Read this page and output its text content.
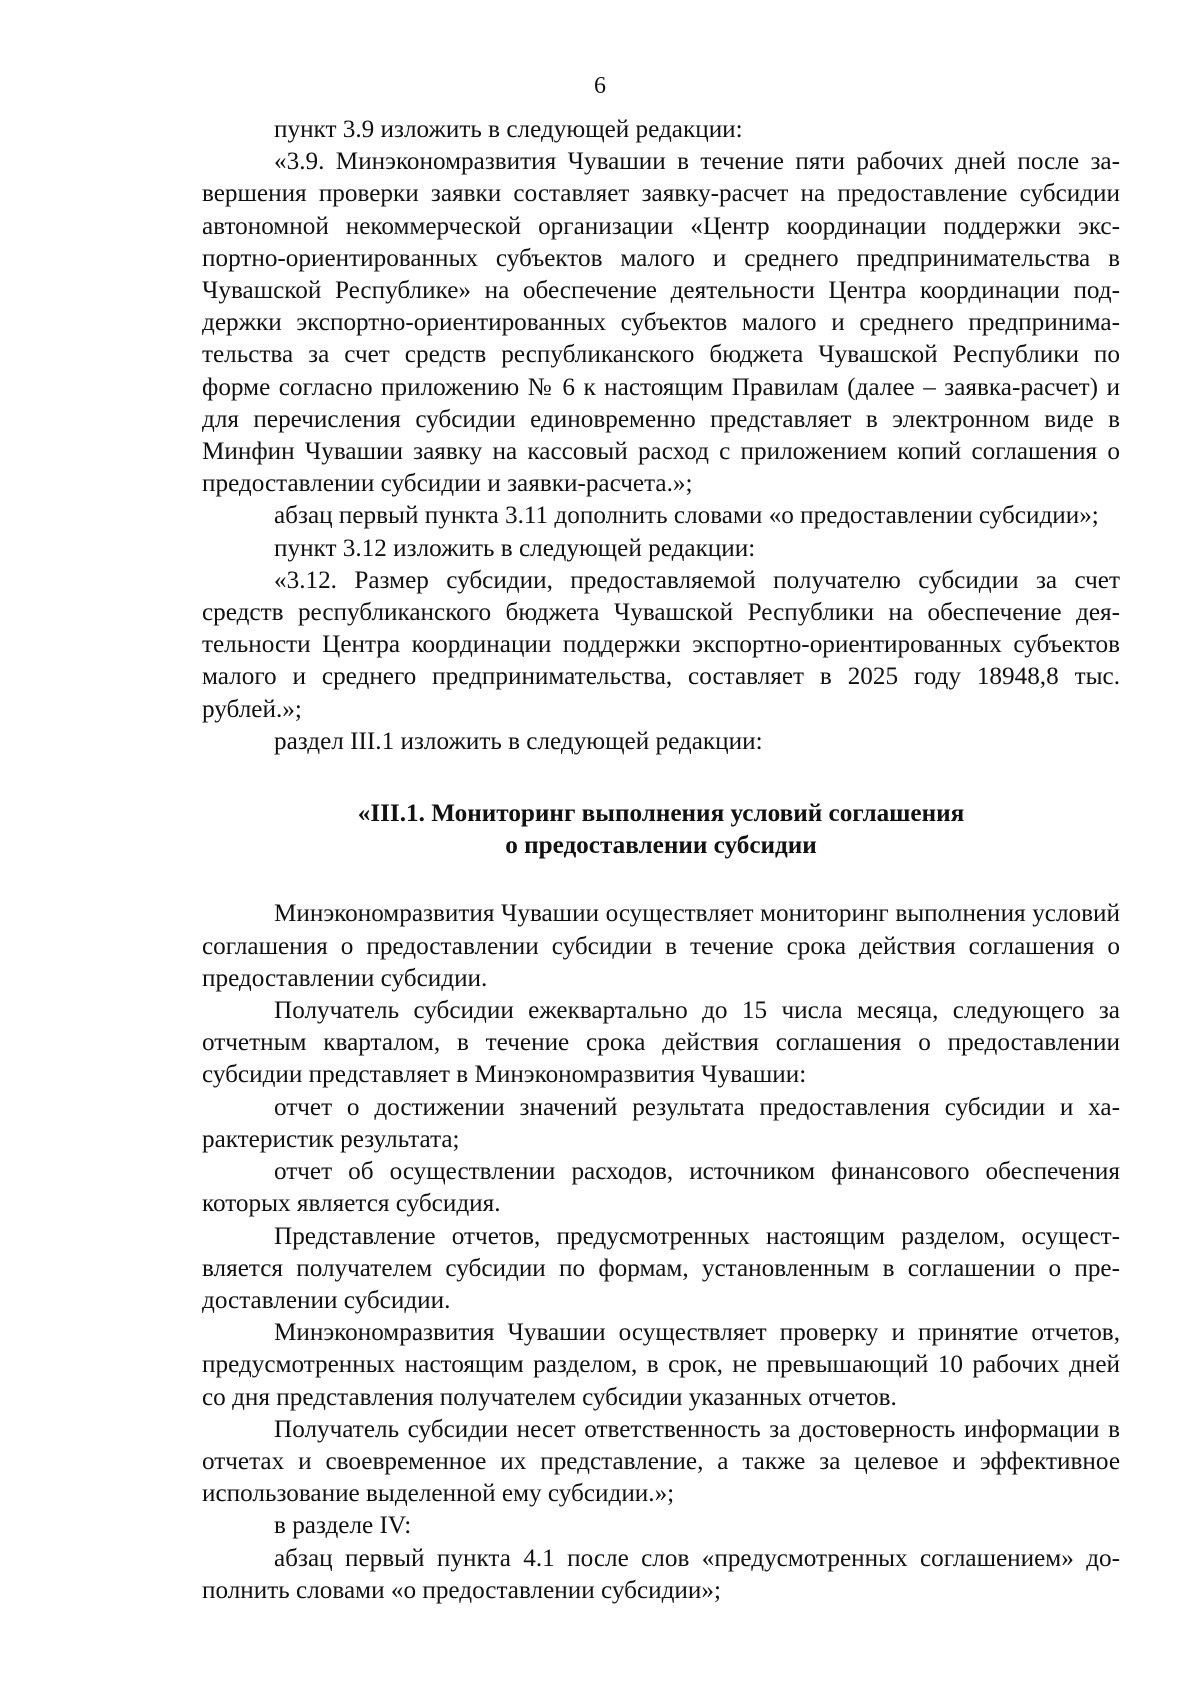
6

пункт 3.9 изложить в следующей редакции:

«3.9. Минэкономразвития Чувашии в течение пяти рабочих дней после завершения проверки заявки составляет заявку-расчет на предоставление субсидии автономной некоммерческой организации «Центр координации поддержки экспортно-ориентированных субъектов малого и среднего предпринимательства в Чувашской Республике» на обеспечение деятельности Центра координации поддержки экспортно-ориентированных субъектов малого и среднего предпринимательства за счет средств республиканского бюджета Чувашской Республики по форме согласно приложению № 6 к настоящим Правилам (далее – заявка-расчет) и для перечисления субсидии единовременно представляет в электронном виде в Минфин Чувашии заявку на кассовый расход с приложением копий соглашения о предоставлении субсидии и заявки-расчета.»;

абзац первый пункта 3.11 дополнить словами «о предоставлении субсидии»;

пункт 3.12 изложить в следующей редакции:

«3.12. Размер субсидии, предоставляемой получателю субсидии за счет средств республиканского бюджета Чувашской Республики на обеспечение деятельности Центра координации поддержки экспортно-ориентированных субъектов малого и среднего предпринимательства, составляет в 2025 году 18948,8 тыс. рублей.»;

раздел III.1 изложить в следующей редакции:

«III.1. Мониторинг выполнения условий соглашения
о предоставлении субсидии

Минэкономразвития Чувашии осуществляет мониторинг выполнения условий соглашения о предоставлении субсидии в течение срока действия соглашения о предоставлении субсидии.

Получатель субсидии ежеквартально до 15 числа месяца, следующего за отчетным кварталом, в течение срока действия соглашения о предоставлении субсидии представляет в Минэкономразвития Чувашии:

отчет о достижении значений результата предоставления субсидии и характеристик результата;

отчет об осуществлении расходов, источником финансового обеспечения которых является субсидия.

Представление отчетов, предусмотренных настоящим разделом, осуществляется получателем субсидии по формам, установленным в соглашении о предоставлении субсидии.

Минэкономразвития Чувашии осуществляет проверку и принятие отчетов, предусмотренных настоящим разделом, в срок, не превышающий 10 рабочих дней со дня представления получателем субсидии указанных отчетов.

Получатель субсидии несет ответственность за достоверность информации в отчетах и своевременное их представление, а также за целевое и эффективное использование выделенной ему субсидии.»;

в разделе IV:

абзац первый пункта 4.1 после слов «предусмотренных соглашением» дополнить словами «о предоставлении субсидии»;
